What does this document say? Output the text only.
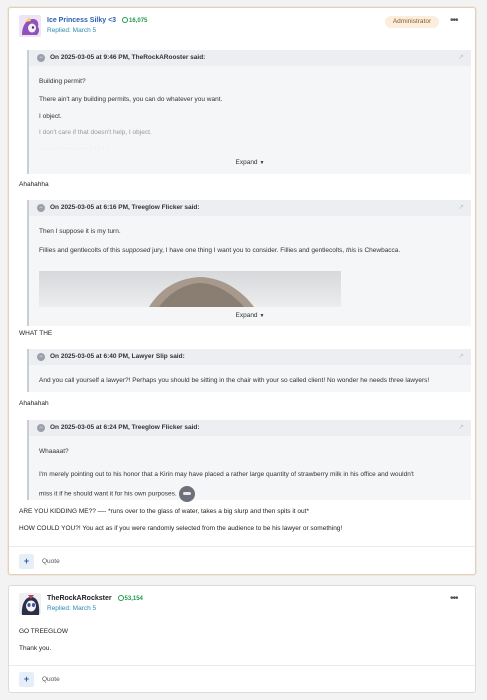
Ice Princess Silky <3 16,075
Replied: March 5
Administrator	•••
−	On 2025-03-05 at 9:46 PM, TheRockARooster said:	↗
Building permit?
There ain't any building permits, you can do whatever you want.
I object.
I don't care if that doesn't help, I object.
· · · · · · · · · · · · · · · · · ·
Expand ▼
Ahahahha
−	On 2025-03-05 at 6:16 PM, Treeglow Flicker said:	↗
Then I suppose it is my turn.
Fillies and gentlecolts of this supposed jury, I have one thing I want you to consider. Fillies and gentlecolts, this is Chewbacca.
Expand ▼
WHAT THE
−	On 2025-03-05 at 6:40 PM, Lawyer Slip said:	↗
And you call yourself a lawyer?! Perhaps you should be sitting in the chair with your so called client! No wonder he needs three lawyers!
Ahahahah
−	On 2025-03-05 at 6:24 PM, Treeglow Flicker said:	↗
Whaaaat?
I'm merely pointing out to his honor that a Kirin may have placed a rather large quantity of strawberry milk in his office and wouldn't
miss it if he should want it for his own purposes.
ARE YOU KIDDING ME?? —- *runs over to the glass of water, takes a big slurp and then spits it out*
HOW COULD YOU?! You act as if you were randomly selected from the audience to be his lawyer or something!
+	Quote
TheRockARockster 53,154
Replied: March 5
•••
GO TREEGLOW
Thank you.
+	Quote
